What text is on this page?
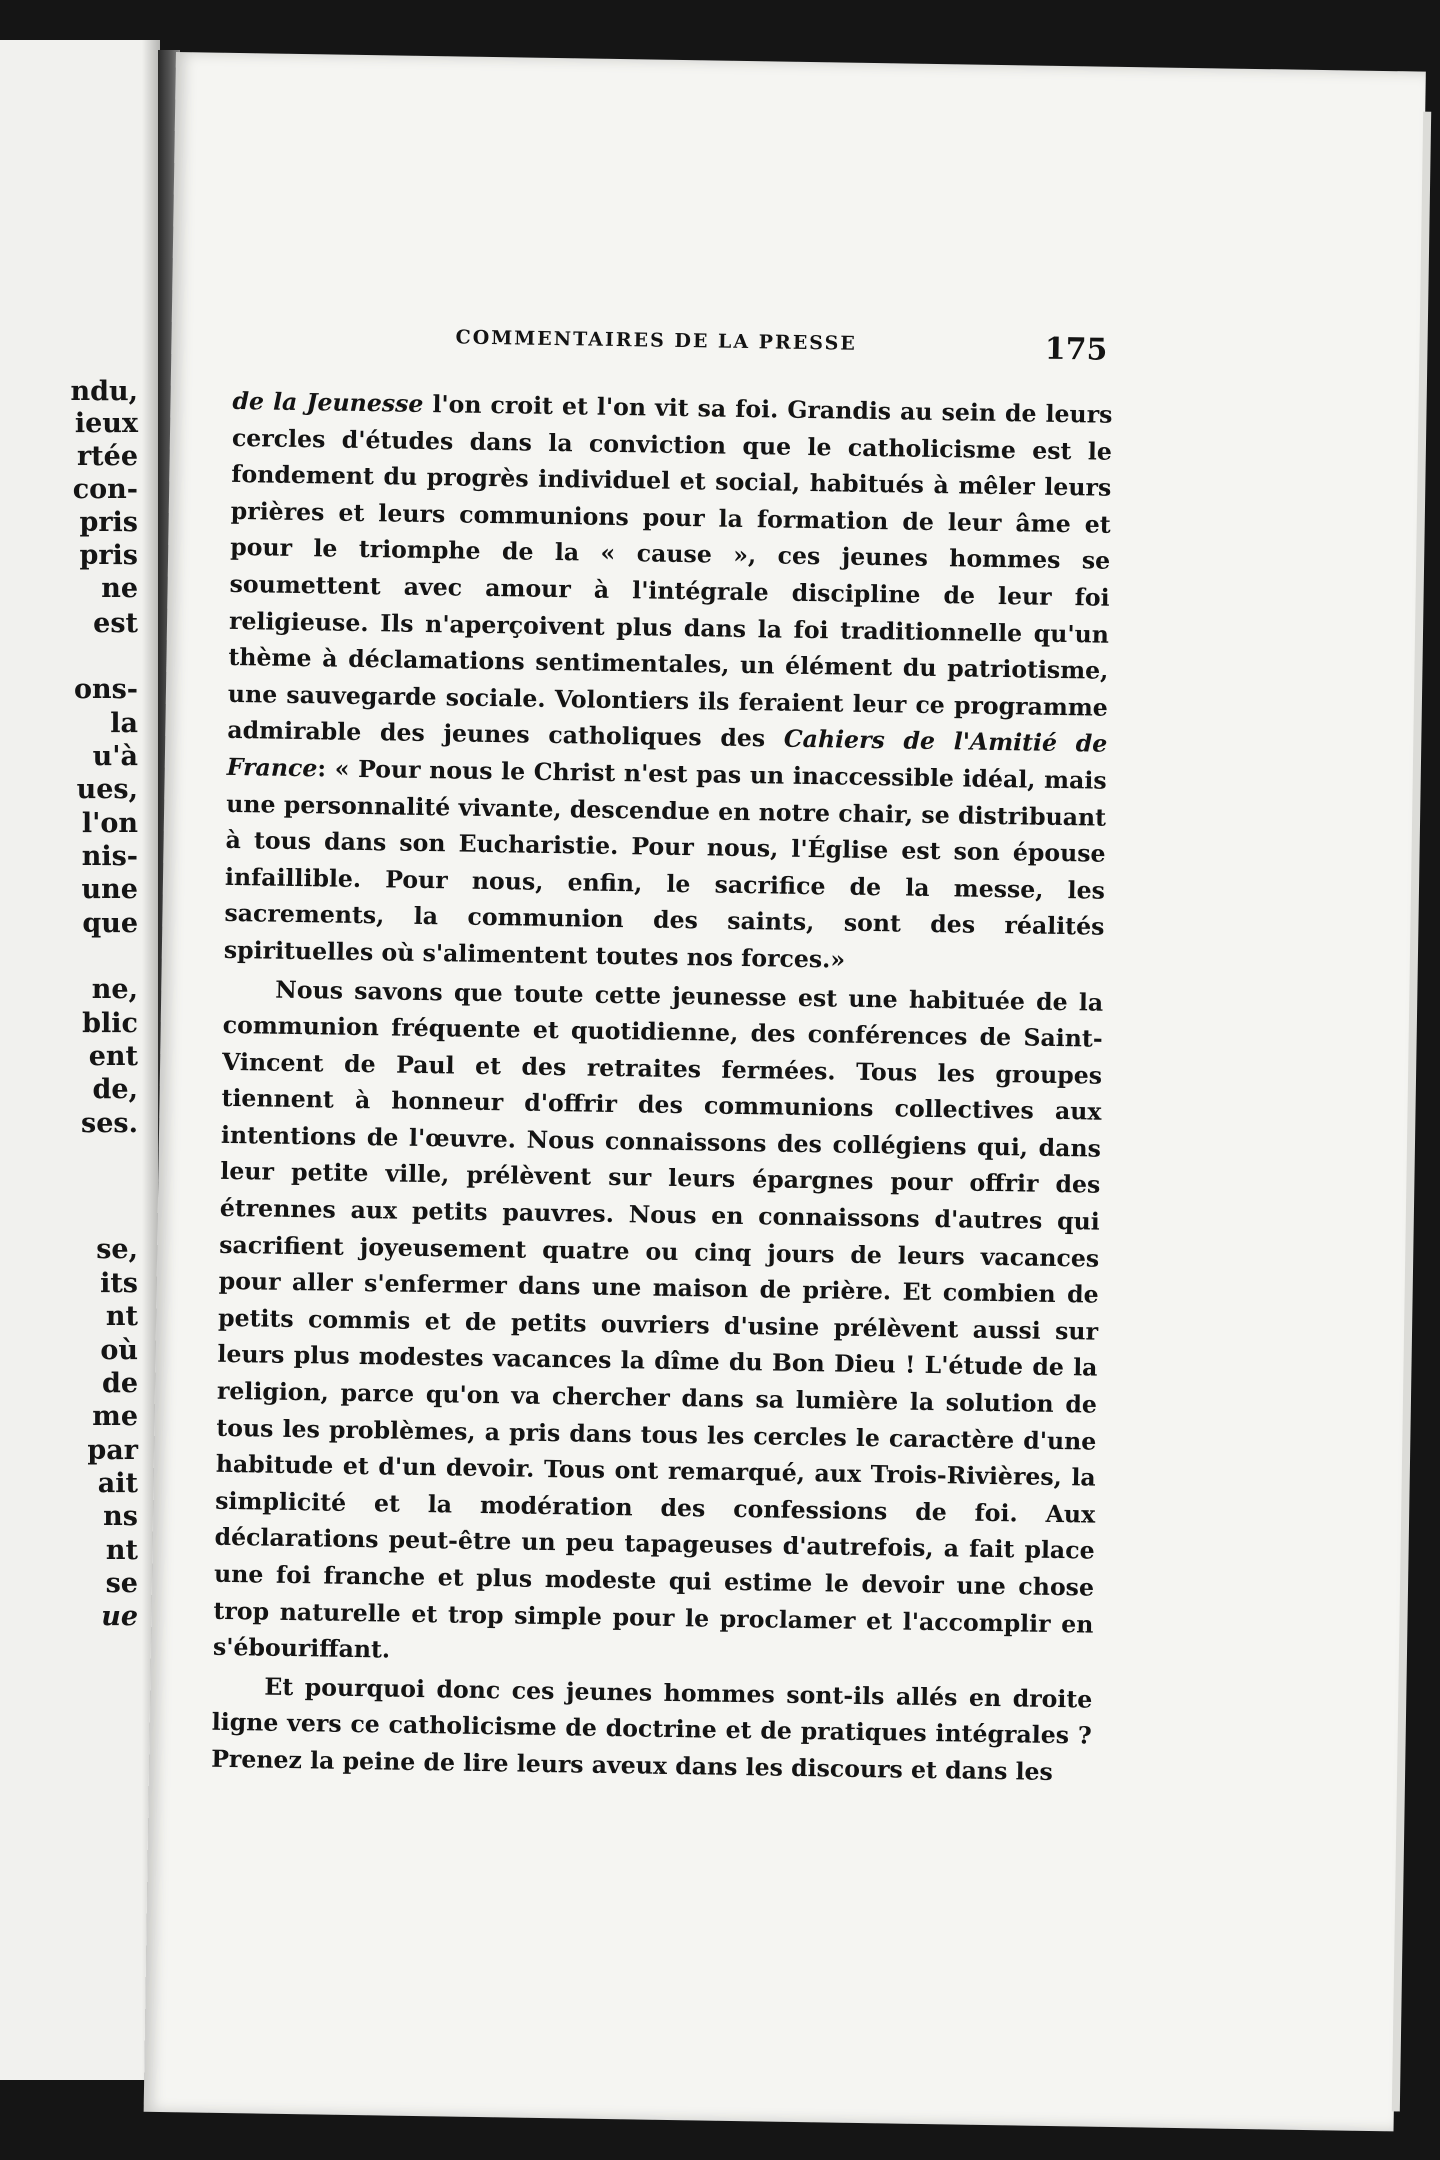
ndu,
ieux
rtée
con-
pris
pris
ne
est
ons-
la
u'à
ues,
l'on
nis-
une
que
ne,
blic
ent
de,
ses.
se,
its
nt
où
de
me
par
ait
ns
nt
se
ue
COMMENTAIRES DE LA PRESSE	175

de la Jeunesse l'on croit et l'on vit sa foi. Grandis au sein de leurs cercles d'études dans la conviction que le catholicisme est le fondement du progrès individuel et social, habitués à mêler leurs prières et leurs communions pour la formation de leur âme et pour le triomphe de la « cause », ces jeunes hommes se soumettent avec amour à l'intégrale discipline de leur foi religieuse. Ils n'aperçoivent plus dans la foi traditionnelle qu'un thème à déclamations sentimentales, un élément du patriotisme, une sauvegarde sociale. Volontiers ils feraient leur ce programme admirable des jeunes catholiques des Cahiers de l'Amitié de France: « Pour nous le Christ n'est pas un inaccessible idéal, mais une personnalité vivante, descendue en notre chair, se distribuant à tous dans son Eucharistie. Pour nous, l'Église est son épouse infaillible. Pour nous, enfin, le sacrifice de la messe, les sacrements, la communion des saints, sont des réalités spirituelles où s'alimentent toutes nos forces.»

Nous savons que toute cette jeunesse est une habituée de la communion fréquente et quotidienne, des conférences de Saint-Vincent de Paul et des retraites fermées. Tous les groupes tiennent à honneur d'offrir des communions collectives aux intentions de l'œuvre. Nous connaissons des collégiens qui, dans leur petite ville, prélèvent sur leurs épargnes pour offrir des étrennes aux petits pauvres. Nous en connaissons d'autres qui sacrifient joyeusement quatre ou cinq jours de leurs vacances pour aller s'enfermer dans une maison de prière. Et combien de petits commis et de petits ouvriers d'usine prélèvent aussi sur leurs plus modestes vacances la dîme du Bon Dieu ! L'étude de la religion, parce qu'on va chercher dans sa lumière la solution de tous les problèmes, a pris dans tous les cercles le caractère d'une habitude et d'un devoir. Tous ont remarqué, aux Trois-Rivières, la simplicité et la modération des confessions de foi. Aux déclarations peut-être un peu tapageuses d'autrefois, a fait place une foi franche et plus modeste qui estime le devoir une chose trop naturelle et trop simple pour le proclamer et l'accomplir en s'ébouriffant.

Et pourquoi donc ces jeunes hommes sont-ils allés en droite ligne vers ce catholicisme de doctrine et de pratiques intégrales ? Prenez la peine de lire leurs aveux dans les discours et dans les
